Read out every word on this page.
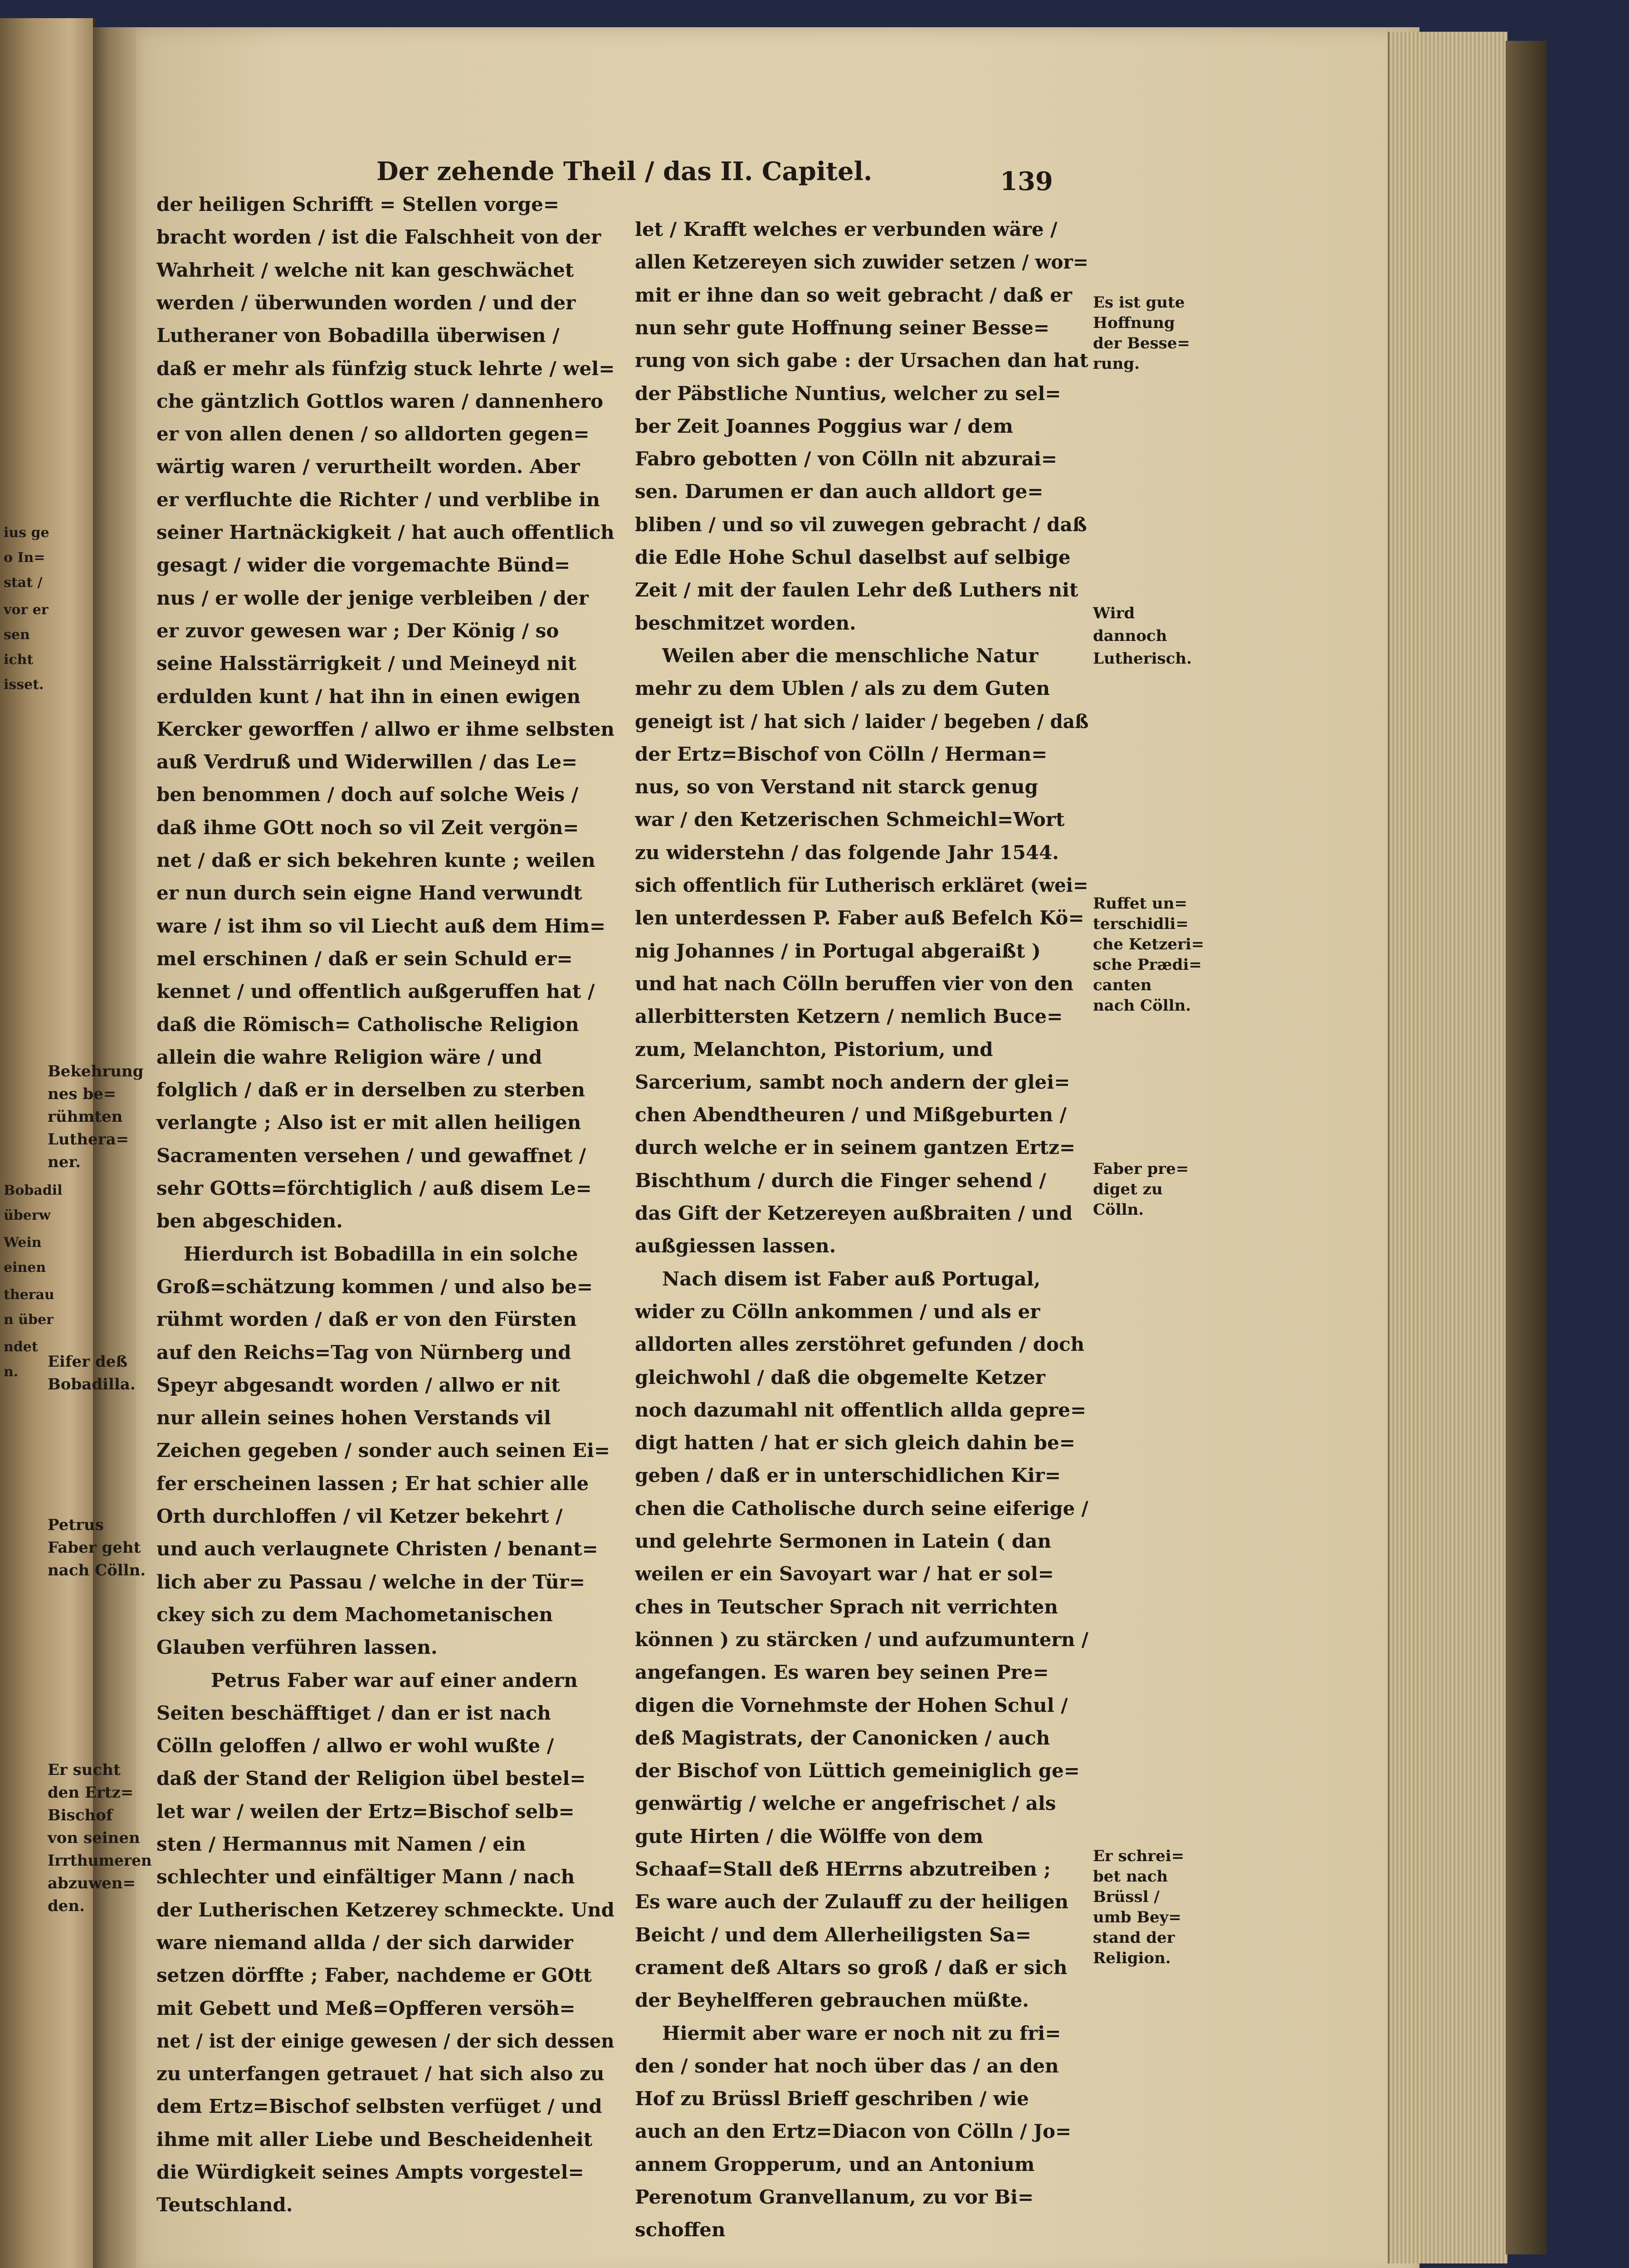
Der zehende Theil / das II. Capitel.	139
der heiligen Schrifft = Stellen vorge=
bracht worden / ist die Falschheit von der
Wahrheit / welche nit kan geschwächet
werden / überwunden worden / und der
Lutheraner von Bobadilla überwisen /
daß er mehr als fünfzig stuck lehrte / wel=
che gäntzlich Gottlos waren / dannenhero
er von allen denen / so alldorten gegen=
wärtig waren / verurtheilt worden. Aber
er verfluchte die Richter / und verblibe in
seiner Hartnäckigkeit / hat auch offentlich
gesagt / wider die vorgemachte Bünd=
nus / er wolle der jenige verbleiben / der
er zuvor gewesen war ; Der König / so
seine Halsstärrigkeit / und Meineyd nit
erdulden kunt / hat ihn in einen ewigen
Kercker geworffen / allwo er ihme selbsten
auß Verdruß und Widerwillen / das Le=
ben benommen / doch auf solche Weis /
daß ihme GOtt noch so vil Zeit vergön=
net / daß er sich bekehren kunte ; weilen
er nun durch sein eigne Hand verwundt
ware / ist ihm so vil Liecht auß dem Him=
mel erschinen / daß er sein Schuld er=
kennet / und offentlich außgeruffen hat /
daß die Römisch= Catholische Religion
allein die wahre Religion wäre / und
folglich / daß er in derselben zu sterben
verlangte ; Also ist er mit allen heiligen
Sacramenten versehen / und gewaffnet /
sehr GOtts=förchtiglich / auß disem Le=
ben abgeschiden.
Hierdurch ist Bobadilla in ein solche
Groß=schätzung kommen / und also be=
rühmt worden / daß er von den Fürsten
auf den Reichs=Tag von Nürnberg und
Speyr abgesandt worden / allwo er nit
nur allein seines hohen Verstands vil
Zeichen gegeben / sonder auch seinen Ei=
fer erscheinen lassen ; Er hat schier alle
Orth durchloffen / vil Ketzer bekehrt /
und auch verlaugnete Christen / benant=
lich aber zu Passau / welche in der Tür=
ckey sich zu dem Machometanischen
Glauben verführen lassen.
Petrus Faber war auf einer andern
Seiten beschäfftiget / dan er ist nach
Cölln geloffen / allwo er wohl wußte /
daß der Stand der Religion übel bestel=
let war / weilen der Ertz=Bischof selb=
sten / Hermannus mit Namen / ein
schlechter und einfältiger Mann / nach
der Lutherischen Ketzerey schmeckte. Und
ware niemand allda / der sich darwider
setzen dörffte ; Faber, nachdeme er GOtt
mit Gebett und Meß=Opfferen versöh=
net / ist der einige gewesen / der sich dessen
zu unterfangen getrauet / hat sich also zu
dem Ertz=Bischof selbsten verfüget / und
ihme mit aller Liebe und Bescheidenheit
die Würdigkeit seines Ampts vorgestel=
Teutschland.
let / Krafft welches er verbunden wäre /
allen Ketzereyen sich zuwider setzen / wor=
mit er ihne dan so weit gebracht / daß er
nun sehr gute Hoffnung seiner Besse=
rung von sich gabe : der Ursachen dan hat
der Päbstliche Nuntius, welcher zu sel=
ber Zeit Joannes Poggius war / dem
Fabro gebotten / von Cölln nit abzurai=
sen. Darumen er dan auch alldort ge=
bliben / und so vil zuwegen gebracht / daß
die Edle Hohe Schul daselbst auf selbige
Zeit / mit der faulen Lehr deß Luthers nit
beschmitzet worden.
Weilen aber die menschliche Natur
mehr zu dem Ublen / als zu dem Guten
geneigt ist / hat sich / laider / begeben / daß
der Ertz=Bischof von Cölln / Herman=
nus, so von Verstand nit starck genug
war / den Ketzerischen Schmeichl=Wort
zu widerstehn / das folgende Jahr 1544.
sich offentlich für Lutherisch erkläret (wei=
len unterdessen P. Faber auß Befelch Kö=
nig Johannes / in Portugal abgeraißt )
und hat nach Cölln beruffen vier von den
allerbittersten Ketzern / nemlich Buce=
zum, Melanchton, Pistorium, und
Sarcerium, sambt noch andern der glei=
chen Abendtheuren / und Mißgeburten /
durch welche er in seinem gantzen Ertz=
Bischthum / durch die Finger sehend /
das Gift der Ketzereyen außbraiten / und
außgiessen lassen.
Nach disem ist Faber auß Portugal,
wider zu Cölln ankommen / und als er
alldorten alles zerstöhret gefunden / doch
gleichwohl / daß die obgemelte Ketzer
noch dazumahl nit offentlich allda gepre=
digt hatten / hat er sich gleich dahin be=
geben / daß er in unterschidlichen Kir=
chen die Catholische durch seine eiferige /
und gelehrte Sermonen in Latein ( dan
weilen er ein Savoyart war / hat er sol=
ches in Teutscher Sprach nit verrichten
können ) zu stärcken / und aufzumuntern /
angefangen. Es waren bey seinen Pre=
digen die Vornehmste der Hohen Schul /
deß Magistrats, der Canonicken / auch
der Bischof von Lüttich gemeiniglich ge=
genwärtig / welche er angefrischet / als
gute Hirten / die Wölffe von dem
Schaaf=Stall deß HErrns abzutreiben ;
Es ware auch der Zulauff zu der heiligen
Beicht / und dem Allerheiligsten Sa=
crament deß Altars so groß / daß er sich
der Beyhelfferen gebrauchen müßte.
Hiermit aber ware er noch nit zu fri=
den / sonder hat noch über das / an den
Hof zu Brüssl Brieff geschriben / wie
auch an den Ertz=Diacon von Cölln / Jo=
annem Gropperum, und an Antonium
Perenotum Granvellanum, zu vor Bi=
schoffen
Bekehrung
nes be=
rühmten
Luthera=
ner.
Eifer deß
Bobadilla.
Petrus
Faber geht
nach Cölln.
Er sucht
den Ertz=
Bischof
von seinen
Irrthumeren
abzuwen=
den.
Es ist gute
Hoffnung
der Besse=
rung.
Wird
dannoch
Lutherisch.
Ruffet un=
terschidli=
che Ketzeri=
sche Prædi=
canten
nach Cölln.
Faber pre=
diget zu
Cölln.
Er schrei=
bet nach
Brüssl /
umb Bey=
stand der
Religion.
ius ge
o In=
stat /
vor er
sen
icht
isset.
Bobadil
überw
Wein
einen
therau
n über
ndet
n.
